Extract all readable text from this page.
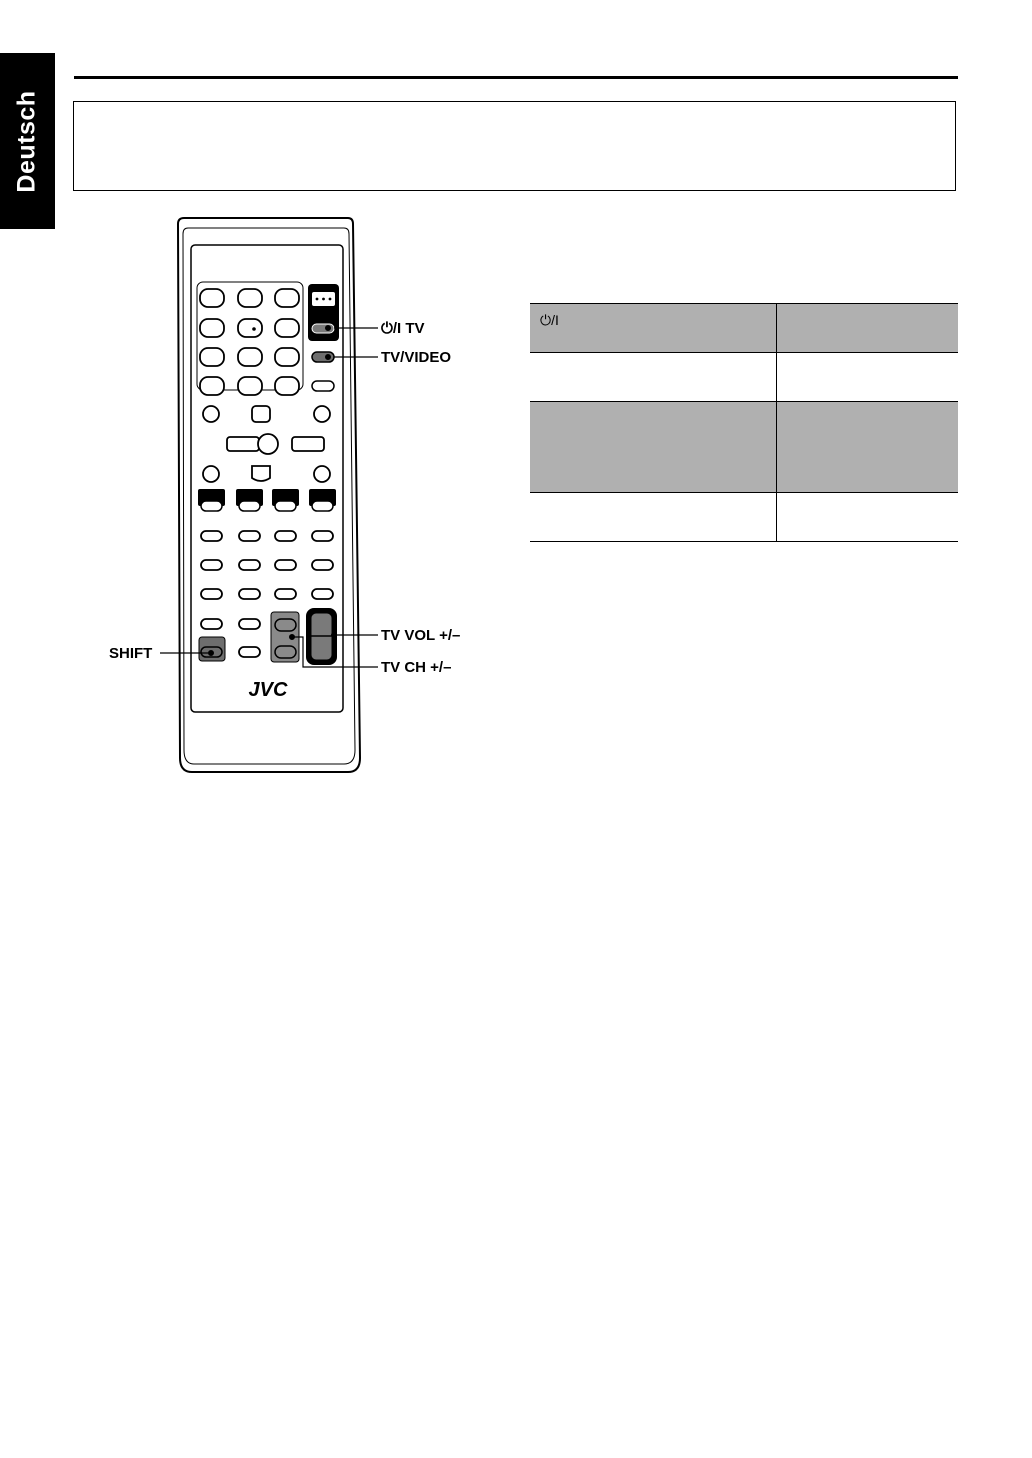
Deutsch
JVC
⏻/I TV
TV/VIDEO
TV VOL +/–
SHIFT
TV CH +/–
⏻/I	
